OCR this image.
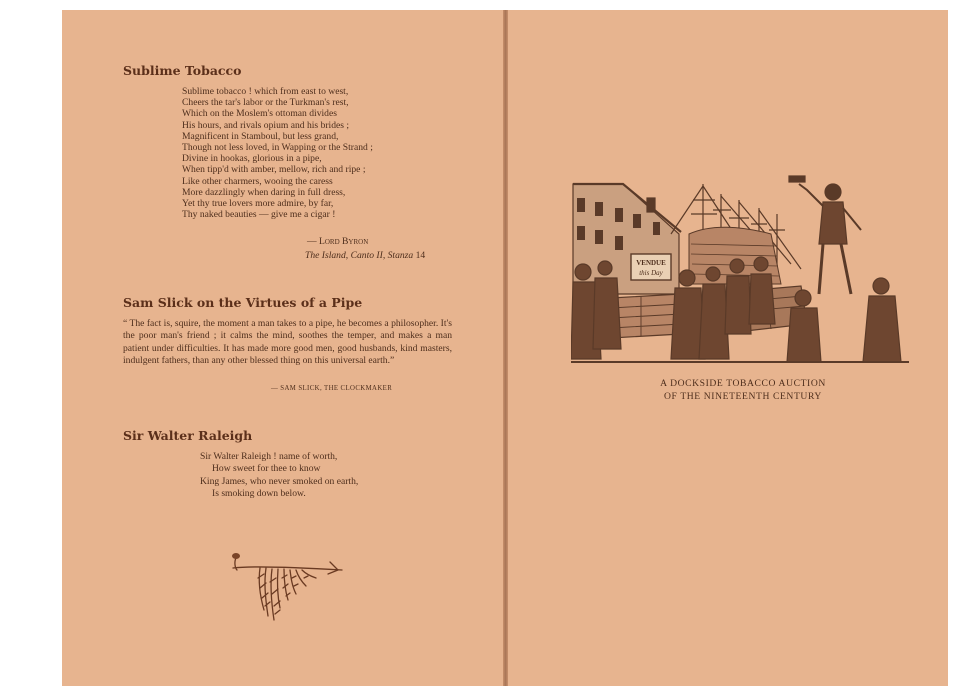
Sublime Tobacco
Sublime tobacco ! which from east to west,
Cheers the tar's labor or the Turkman's rest,
Which on the Moslem's ottoman divides
His hours, and rivals opium and his brides ;
Magnificent in Stamboul, but less grand,
Though not less loved, in Wapping or the Strand ;
Divine in hookas, glorious in a pipe,
When tipp'd with amber, mellow, rich and ripe ;
Like other charmers, wooing the caress
More dazzlingly when daring in full dress,
Yet thy true lovers more admire, by far,
Thy naked beauties — give me a cigar !
— Lord Byron
The Island, Canto II, Stanza 14
Sam Slick on the Virtues of a Pipe

“ The fact is, squire, the moment a man takes to a pipe, he becomes a philosopher. It's the poor man's friend ; it calms the mind, soothes the temper, and makes a man patient under difficulties. It has made more good men, good husbands, kind masters, indulgent fathers, than any other blessed thing on this universal earth.”

— SAM SLICK, THE CLOCKMAKER
Sir Walter Raleigh
Sir Walter Raleigh ! name of worth,
How sweet for thee to know
King James, who never smoked on earth,
Is smoking down below.
VENDUE
this Day
A DOCKSIDE TOBACCO AUCTION
OF THE NINETEENTH CENTURY
